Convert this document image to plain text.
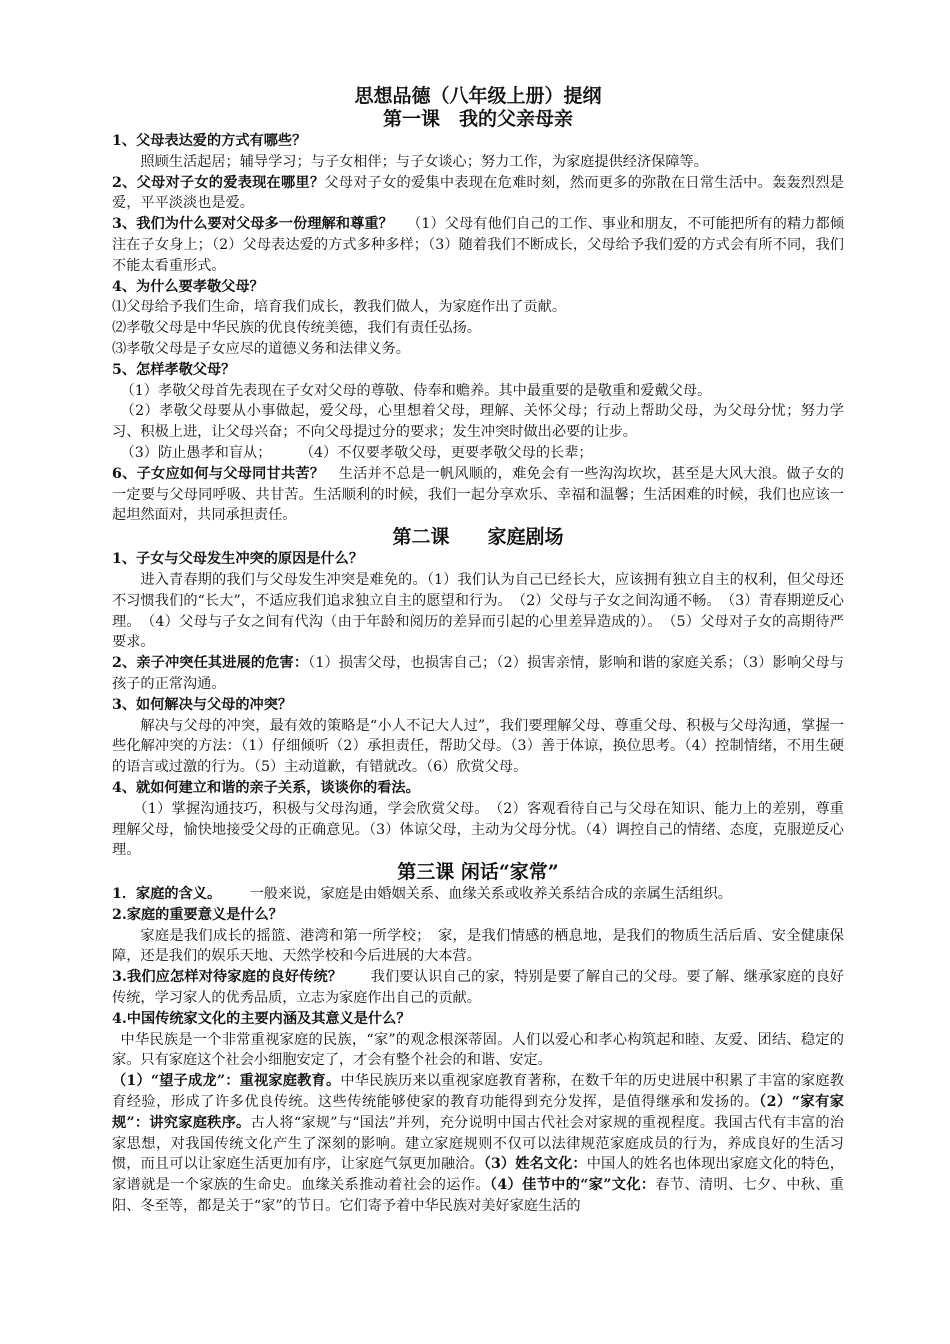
思想品德（八年级上册）提纲
第一课　我的父亲母亲

1、父母表达爱的方式有哪些？

照顾生活起居；辅导学习；与子女相伴；与子女谈心；努力工作，为家庭提供经济保障等。

2、父母对子女的爱表现在哪里？父母对子女的爱集中表现在危难时刻，然而更多的弥散在日常生活中。轰轰烈烈是爱，平平淡淡也是爱。

3、我们为什么要对父母多一份理解和尊重？ （1）父母有他们自己的工作、事业和朋友，不可能把所有的精力都倾注在子女身上；（2）父母表达爱的方式多种多样；（3）随着我们不断成长，父母给予我们爱的方式会有所不同，我们不能太看重形式。

4、为什么要孝敬父母？

⑴父母给予我们生命，培育我们成长，教我们做人，为家庭作出了贡献。

⑵孝敬父母是中华民族的优良传统美德，我们有责任弘扬。

⑶孝敬父母是子女应尽的道德义务和法律义务。

5、怎样孝敬父母？

（1）孝敬父母首先表现在子女对父母的尊敬、侍奉和赡养。其中最重要的是敬重和爱戴父母。

（2）孝敬父母要从小事做起，爱父母，心里想着父母，理解、关怀父母；行动上帮助父母，为父母分忧；努力学习、积极上进，让父母兴奋；不向父母提过分的要求；发生冲突时做出必要的让步。

（3）防止愚孝和盲从； （4）不仅要孝敬父母，更要孝敬父母的长辈；

6、子女应如何与父母同甘共苦？ 生活并不总是一帆风顺的，难免会有一些沟沟坎坎，甚至是大风大浪。做子女的一定要与父母同呼吸、共甘苦。生活顺利的时候，我们一起分享欢乐、幸福和温馨；生活困难的时候，我们也应该一起坦然面对，共同承担责任。

第二课　　家庭剧场

1、子女与父母发生冲突的原因是什么？

进入青春期的我们与父母发生冲突是难免的。（1）我们认为自己已经长大，应该拥有独立自主的权利，但父母还不习惯我们的“长大”，不适应我们追求独立自主的愿望和行为。　（2）父母与子女之间沟通不畅。　（3）青春期逆反心理。　（4）父母与子女之间有代沟（由于年龄和阅历的差异而引起的心里差异造成的）。　（5）父母对子女的高期待严要求。

2、亲子冲突任其进展的危害：（1）损害父母，也损害自己；（2）损害亲情，影响和谐的家庭关系；（3）影响父母与孩子的正常沟通。

3、如何解决与父母的冲突？

解决与父母的冲突，最有效的策略是“小人不记大人过”，我们要理解父母、尊重父母、积极与父母沟通，掌握一些化解冲突的方法：（1）仔细倾听（2）承担责任，帮助父母。（3）善于体谅，换位思考。（4）控制情绪，不用生硬的语言或过激的行为。（5）主动道歉，有错就改。（6）欣赏父母。

4、就如何建立和谐的亲子关系，谈谈你的看法。

（1）掌握沟通技巧，积极与父母沟通，学会欣赏父母。　（2）客观看待自己与父母在知识、能力上的差别，尊重理解父母，愉快地接受父母的正确意见。（3）体谅父母，主动为父母分忧。（4）调控自己的情绪、态度，克服逆反心理。

第三课 闲话“家常”

1．家庭的含义。 一般来说，家庭是由婚姻关系、血缘关系或收养关系结合成的亲属生活组织。

2.家庭的重要意义是什么？

家庭是我们成长的摇篮、港湾和第一所学校；　家，是我们情感的栖息地，是我们的物质生活后盾、安全健康保障，还是我们的娱乐天地、天然学校和今后进展的大本营。

3.我们应怎样对待家庭的良好传统？ 我们要认识自己的家，特别是要了解自己的父母。要了解、继承家庭的良好传统，学习家人的优秀品质，立志为家庭作出自己的贡献。

4.中国传统家文化的主要内涵及其意义是什么？

中华民族是一个非常重视家庭的民族，“家”的观念根深蒂固。人们以爱心和孝心构筑起和睦、友爱、团结、稳定的家。只有家庭这个社会小细胞安定了，才会有整个社会的和谐、安定。

（1）“望子成龙”：重视家庭教育。中华民族历来以重视家庭教育著称，在数千年的历史进展中积累了丰富的家庭教育经验，形成了许多优良传统。这些传统能够使家的教育功能得到充分发挥，是值得继承和发扬的。（2）“家有家规”：讲究家庭秩序。古人将“家规”与“国法”并列，充分说明中国古代社会对家规的重视程度。我国古代有丰富的治家思想，对我国传统文化产生了深刻的影响。建立家庭规则不仅可以法律规范家庭成员的行为，养成良好的生活习惯，而且可以让家庭生活更加有序，让家庭气氛更加融洽。（3）姓名文化：中国人的姓名也体现出家庭文化的特色，家谱就是一个家族的生命史。血缘关系推动着社会的运作。（4）佳节中的“家”文化：春节、清明、七夕、中秋、重阳、冬至等，都是关于“家”的节日。它们寄予着中华民族对美好家庭生活的
